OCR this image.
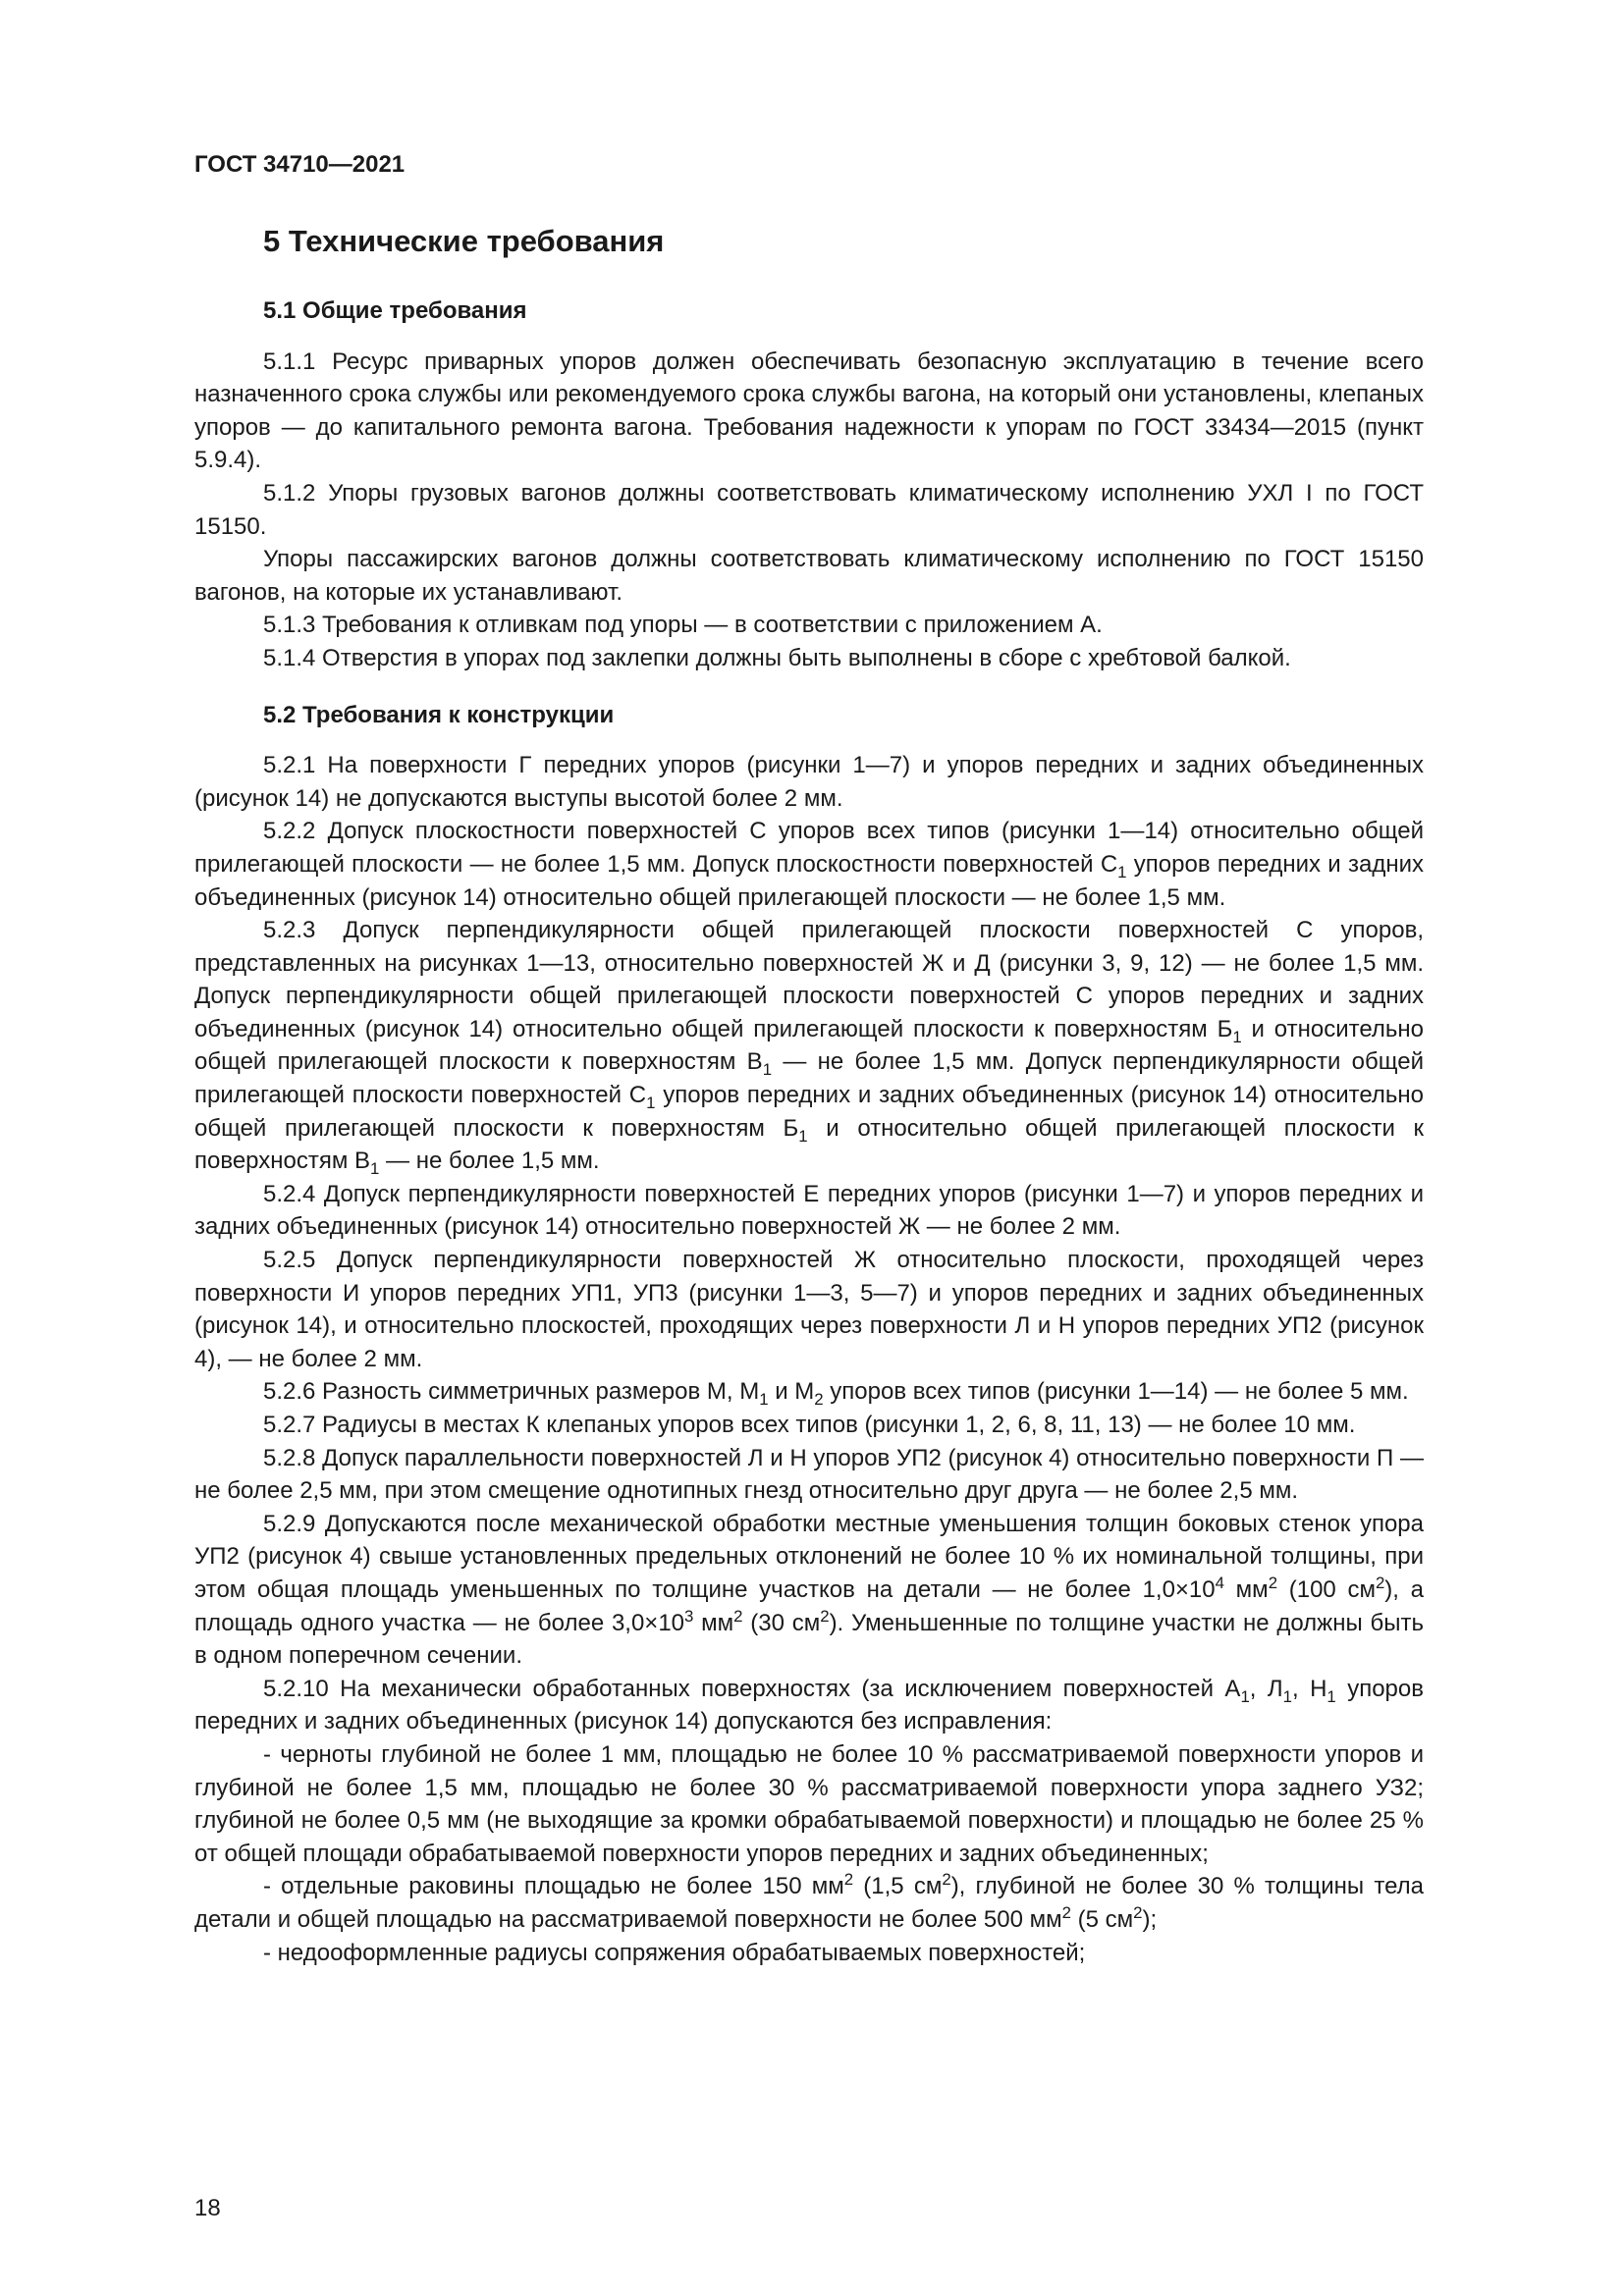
ГОСТ 34710—2021
5 Технические требования
5.1 Общие требования

5.1.1 Ресурс приварных упоров должен обеспечивать безопасную эксплуатацию в течение всего назначенного срока службы или рекомендуемого срока службы вагона, на который они установлены, клепаных упоров — до капитального ремонта вагона. Требования надежности к упорам по ГОСТ 33434—2015 (пункт 5.9.4).

5.1.2 Упоры грузовых вагонов должны соответствовать климатическому исполнению УХЛ I по ГОСТ 15150.

Упоры пассажирских вагонов должны соответствовать климатическому исполнению по ГОСТ 15150 вагонов, на которые их устанавливают.

5.1.3 Требования к отливкам под упоры — в соответствии с приложением А.

5.1.4 Отверстия в упорах под заклепки должны быть выполнены в сборе с хребтовой балкой.

5.2 Требования к конструкции

5.2.1 На поверхности Г передних упоров (рисунки 1—7) и упоров передних и задних объединенных (рисунок 14) не допускаются выступы высотой более 2 мм.

5.2.2 Допуск плоскостности поверхностей С упоров всех типов (рисунки 1—14) относительно общей прилегающей плоскости — не более 1,5 мм. Допуск плоскостности поверхностей $С_1$ упоров передних и задних объединенных (рисунок 14) относительно общей прилегающей плоскости — не более 1,5 мм.

5.2.3 Допуск перпендикулярности общей прилегающей плоскости поверхностей С упоров, представленных на рисунках 1—13, относительно поверхностей Ж и Д (рисунки 3, 9, 12) — не более 1,5 мм. Допуск перпендикулярности общей прилегающей плоскости поверхностей С упоров передних и задних объединенных (рисунок 14) относительно общей прилегающей плоскости к поверхностям $Б_1$ и относительно общей прилегающей плоскости к поверхностям $В_1$ — не более 1,5 мм. Допуск перпендикулярности общей прилегающей плоскости поверхностей $С_1$ упоров передних и задних объединенных (рисунок 14) относительно общей прилегающей плоскости к поверхностям $Б_1$ и относительно общей прилегающей плоскости к поверхностям $В_1$ — не более 1,5 мм.

5.2.4 Допуск перпендикулярности поверхностей Е передних упоров (рисунки 1—7) и упоров передних и задних объединенных (рисунок 14) относительно поверхностей Ж — не более 2 мм.

5.2.5 Допуск перпендикулярности поверхностей Ж относительно плоскости, проходящей через поверхности И упоров передних УП1, УП3 (рисунки 1—3, 5—7) и упоров передних и задних объединенных (рисунок 14), и относительно плоскостей, проходящих через поверхности Л и Н упоров передних УП2 (рисунок 4), — не более 2 мм.

5.2.6 Разность симметричных размеров М, $М_1$ и $М_2$ упоров всех типов (рисунки 1—14) — не более 5 мм.

5.2.7 Радиусы в местах К клепаных упоров всех типов (рисунки 1, 2, 6, 8, 11, 13) — не более 10 мм.

5.2.8 Допуск параллельности поверхностей Л и Н упоров УП2 (рисунок 4) относительно поверхности П — не более 2,5 мм, при этом смещение однотипных гнезд относительно друг друга — не более 2,5 мм.

5.2.9 Допускаются после механической обработки местные уменьшения толщин боковых стенок упора УП2 (рисунок 4) свыше установленных предельных отклонений не более 10 % их номинальной толщины, при этом общая площадь уменьшенных по толщине участков на детали — не более $1,0\times 10^4$ $мм^2$ (100 $см^2$), а площадь одного участка — не более $3,0\times 10^3$ $мм^2$ (30 $см^2$). Уменьшенные по толщине участки не должны быть в одном поперечном сечении.

5.2.10 На механически обработанных поверхностях (за исключением поверхностей $А_1$, $Л_1$, $Н_1$ упоров передних и задних объединенных (рисунок 14) допускаются без исправления:

- черноты глубиной не более 1 мм, площадью не более 10 % рассматриваемой поверхности упоров и глубиной не более 1,5 мм, площадью не более 30 % рассматриваемой поверхности упора заднего УЗ2; глубиной не более 0,5 мм (не выходящие за кромки обрабатываемой поверхности) и площадью не более 25 % от общей площади обрабатываемой поверхности упоров передних и задних объединенных;

- отдельные раковины площадью не более 150 $мм^2$ (1,5 $см^2$), глубиной не более 30 % толщины тела детали и общей площадью на рассматриваемой поверхности не более 500 $мм^2$ (5 $см^2$);

- недооформленные радиусы сопряжения обрабатываемых поверхностей;

18
